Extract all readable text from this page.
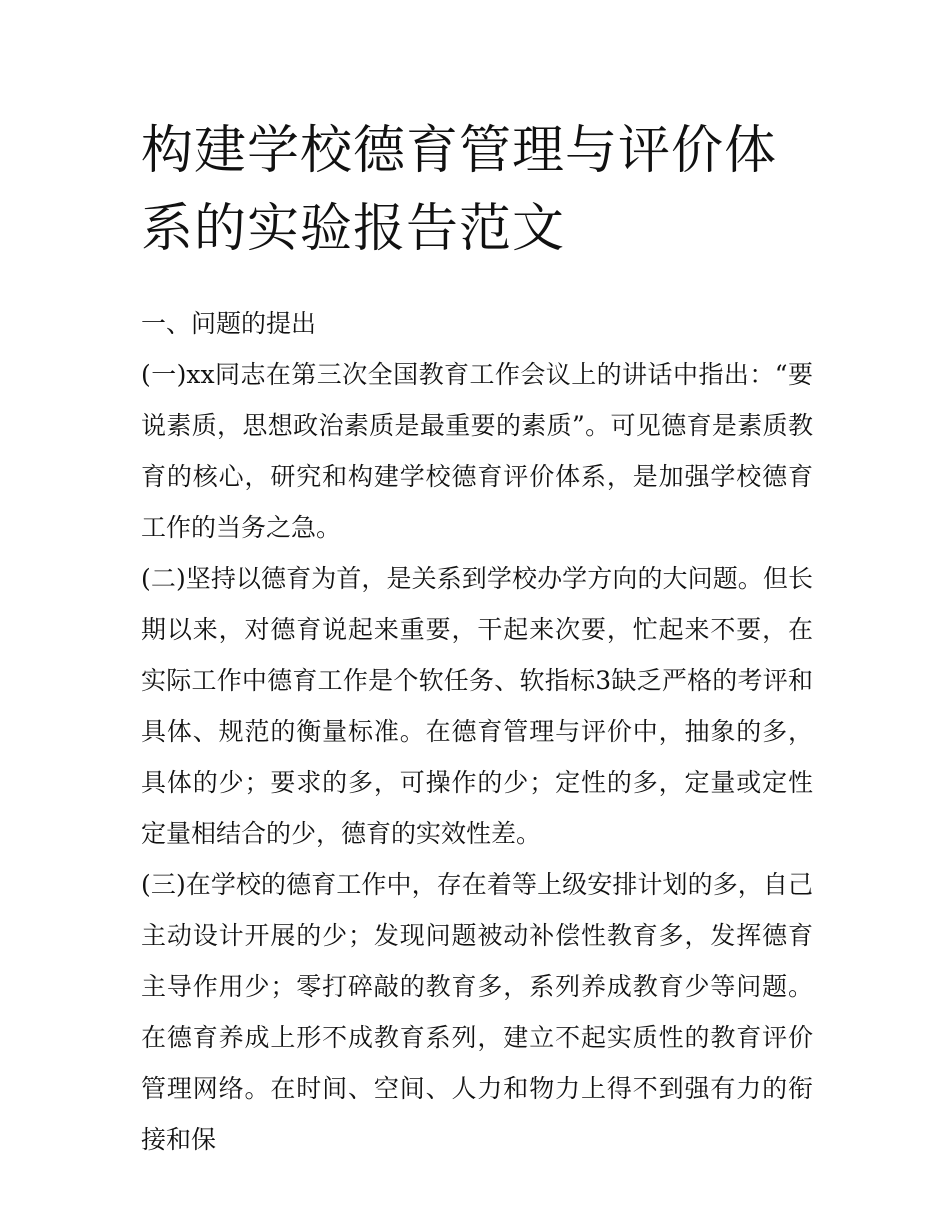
构建学校德育管理与评价体系的实验报告范文
一、问题的提出

(一)xx同志在第三次全国教育工作会议上的讲话中指出：“要说素质，思想政治素质是最重要的素质”。可见德育是素质教育的核心，研究和构建学校德育评价体系，是加强学校德育工作的当务之急。

(二)坚持以德育为首，是关系到学校办学方向的大问题。但长期以来，对德育说起来重要，干起来次要，忙起来不要，在实际工作中德育工作是个软任务、软指标3缺乏严格的考评和具体、规范的衡量标准。在德育管理与评价中，抽象的多，具体的少；要求的多，可操作的少；定性的多，定量或定性定量相结合的少，德育的实效性差。

(三)在学校的德育工作中，存在着等上级安排计划的多，自己主动设计开展的少；发现问题被动补偿性教育多，发挥德育主导作用少；零打碎敲的教育多，系列养成教育少等问题。在德育养成上形不成教育系列，建立不起实质性的教育评价管理网络。在时间、空间、人力和物力上得不到强有力的衔接和保
